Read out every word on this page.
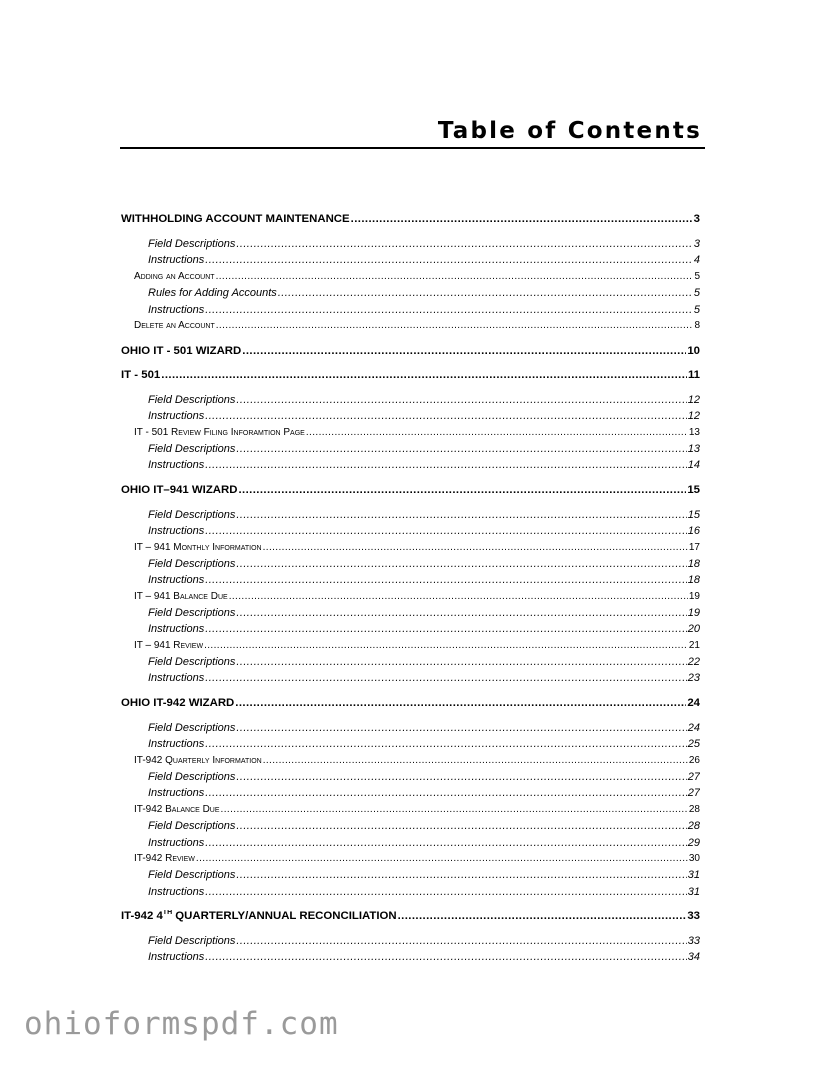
Table of Contents
WITHHOLDING ACCOUNT MAINTENANCE .....	3
Field Descriptions .....	3
Instructions .....	4
Adding an Account .....	5
Rules for Adding Accounts .....	5
Instructions .....	5
Delete an Account .....	8
OHIO IT - 501 WIZARD .....	10
IT - 501 .....	11
Field Descriptions .....	12
Instructions .....	12
IT - 501 Review Filing Inforamtion Page .....	13
Field Descriptions .....	13
Instructions .....	14
OHIO IT–941 WIZARD .....	15
Field Descriptions .....	15
Instructions .....	16
IT – 941 Monthly Information .....	17
Field Descriptions .....	18
Instructions .....	18
IT – 941 Balance Due .....	19
Field Descriptions .....	19
Instructions .....	20
IT – 941 Review .....	21
Field Descriptions .....	22
Instructions .....	23
OHIO IT-942 WIZARD .....	24
Field Descriptions .....	24
Instructions .....	25
IT-942 Quarterly Information .....	26
Field Descriptions .....	27
Instructions .....	27
IT-942 Balance Due .....	28
Field Descriptions .....	28
Instructions .....	29
IT-942 Review .....	30
Field Descriptions .....	31
Instructions .....	31
IT-942 4TH QUARTERLY/ANNUAL RECONCILIATION .....	33
Field Descriptions .....	33
Instructions .....	34
ohioformspdf.com
